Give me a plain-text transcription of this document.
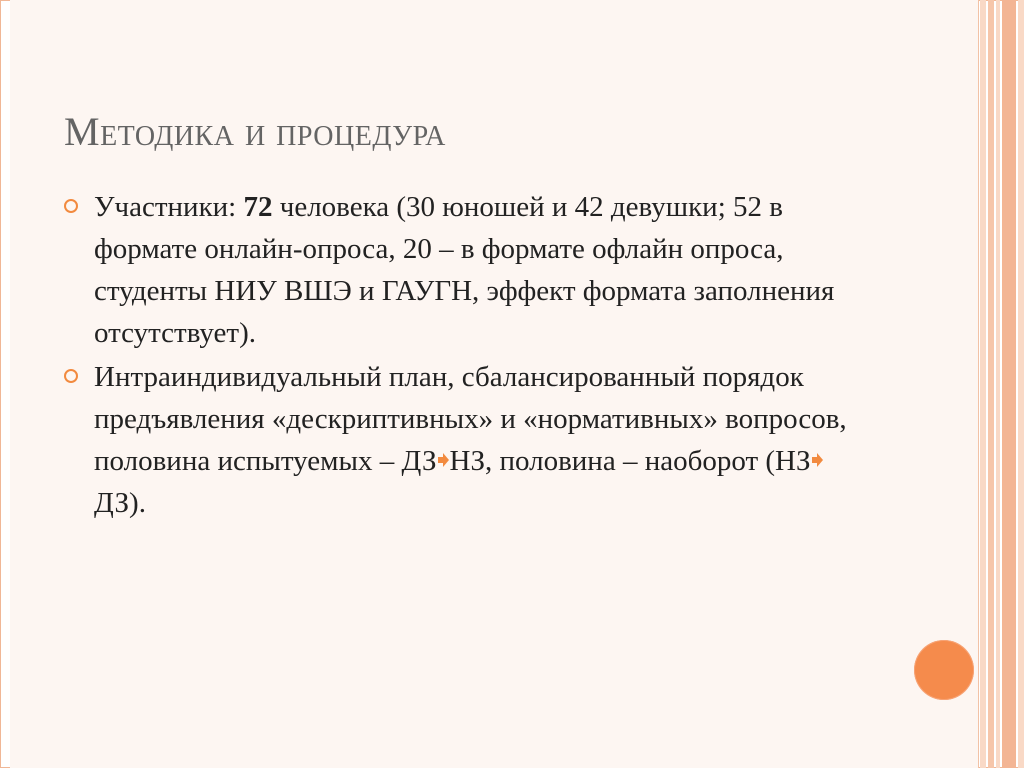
Методика и процедура
Участники: 72 человека (30 юношей и 42 девушки; 52 в формате онлайн-опроса, 20 – в формате офлайн опроса, студенты НИУ ВШЭ и ГАУГН, эффект формата заполнения отсутствует).
Интраиндивидуальный план, сбалансированный порядок предъявления «дескриптивных» и «нормативных» вопросов, половина испытуемых – ДЗ НЗ, половина – наоборот (НЗДЗ).
